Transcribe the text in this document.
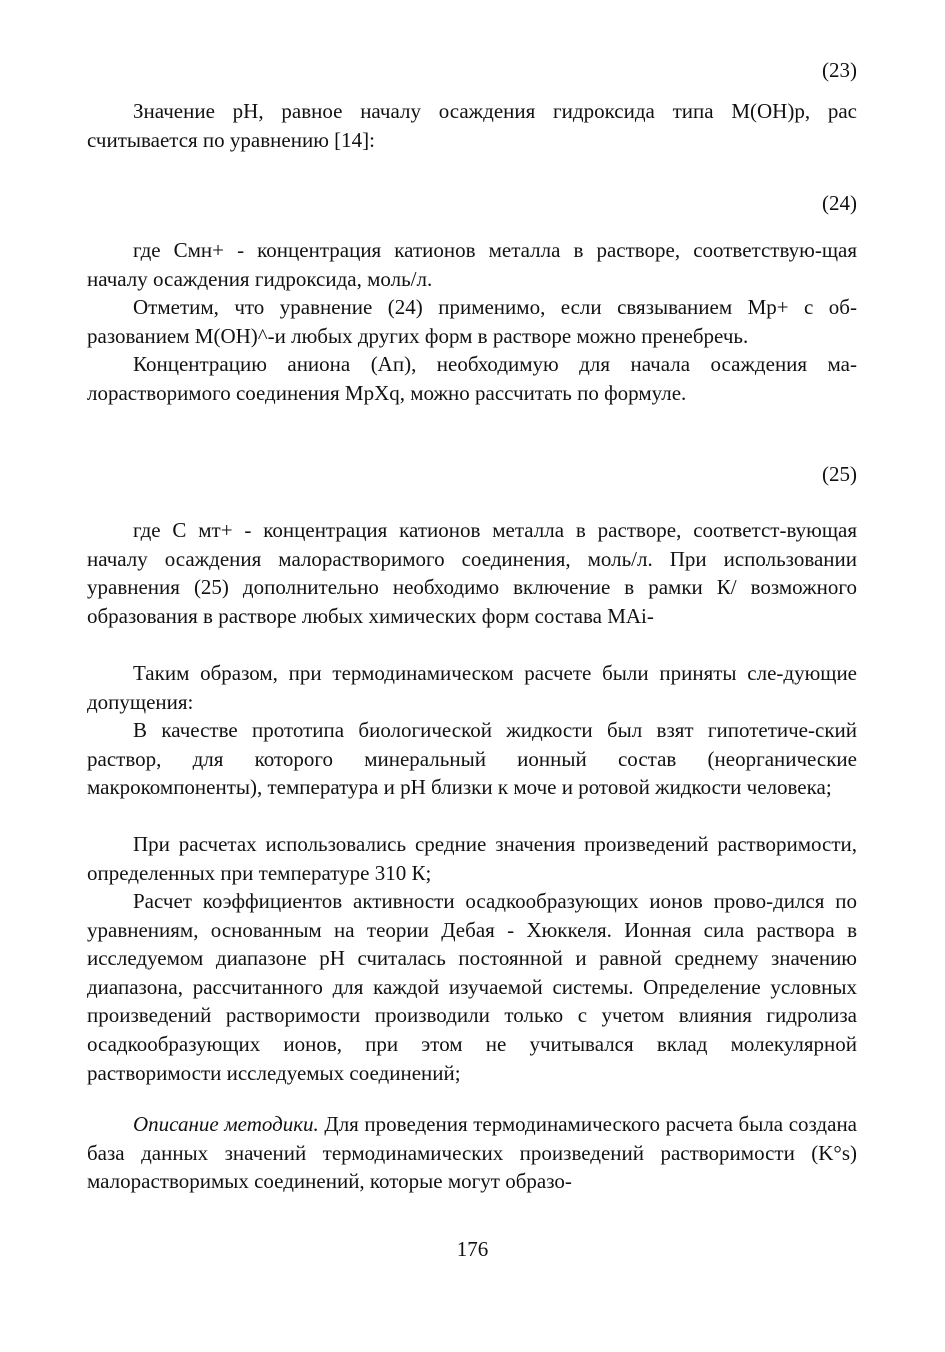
(23)
Значение pH, равное началу осаждения гидроксида типа M(OH)p, рас считывается по уравнению [14]:
(24)
где Смн+ - концентрация катионов металла в растворе, соответствую-щая началу осаждения гидроксида, моль/л.
Отметим, что уравнение (24) применимо, если связыванием Мр+ с об-разованием М(ОН)^-и любых других форм в растворе можно пренебречь.
Концентрацию аниона (Ап), необходимую для начала осаждения ма-лорастворимого соединения MpXq, можно рассчитать по формуле.
(25)
где С мт+ - концентрация катионов металла в растворе, соответст-вующая началу осаждения малорастворимого соединения, моль/л. При использовании уравнения (25) дополнительно необходимо включение в рамки К/ возможного образования в растворе любых химических форм состава МАi-
Таким образом, при термодинамическом расчете были приняты сле-дующие допущения:
В качестве прототипа биологической жидкости был взят гипотетиче-ский раствор, для которого минеральный ионный состав (неорганические макрокомпоненты), температура и pH близки к моче и ротовой жидкости человека;
При расчетах использовались средние значения произведений растворимости, определенных при температуре 310 К;
Расчет коэффициентов активности осадкообразующих ионов прово-дился по уравнениям, основанным на теории Дебая - Хюккеля. Ионная сила раствора в исследуемом диапазоне pH считалась постоянной и равной среднему значению диапазона, рассчитанного для каждой изучаемой системы. Определение условных произведений растворимости производили только с учетом влияния гидролиза осадкообразующих ионов, при этом не учитывался вклад молекулярной растворимости исследуемых соединений;
Описание методики. Для проведения термодинамического расчета была создана база данных значений термодинамических произведений растворимости (K°s) малорастворимых соединений, которые могут образо-
176
